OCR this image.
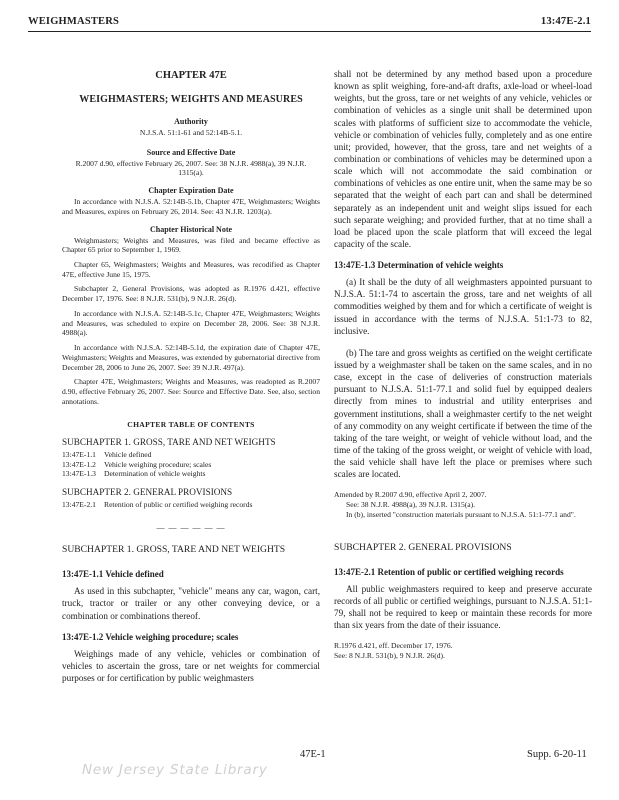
WEIGHMASTERS	13:47E-2.1

CHAPTER 47E

WEIGHMASTERS; WEIGHTS AND MEASURES

Authority

N.J.S.A. 51:1-61 and 52:14B-5.1.

Source and Effective Date

R.2007 d.90, effective February 26, 2007. See: 38 N.J.R. 4988(a), 39 N.J.R. 1315(a).

Chapter Expiration Date

In accordance with N.J.S.A. 52:14B-5.1b, Chapter 47E, Weighmasters; Weights and Measures, expires on February 26, 2014. See: 43 N.J.R. 1203(a).

Chapter Historical Note

Weighmasters; Weights and Measures, was filed and became effective as Chapter 65 prior to September 1, 1969.

Chapter 65, Weighmasters; Weights and Measures, was recodified as Chapter 47E, effective June 15, 1975.

Subchapter 2, General Provisions, was adopted as R.1976 d.421, effective December 17, 1976. See: 8 N.J.R. 531(b), 9 N.J.R. 26(d).

In accordance with N.J.S.A. 52:14B-5.1c, Chapter 47E, Weighmasters; Weights and Measures, was scheduled to expire on December 28, 2006. See: 38 N.J.R. 4988(a).

In accordance with N.J.S.A. 52:14B-5.1d, the expiration date of Chapter 47E, Weighmasters; Weights and Measures, was extended by gubernatorial directive from December 28, 2006 to June 26, 2007. See: 39 N.J.R. 497(a).

Chapter 47E, Weighmasters; Weights and Measures, was readopted as R.2007 d.90, effective February 26, 2007. See: Source and Effective Date. See, also, section annotations.

CHAPTER TABLE OF CONTENTS

SUBCHAPTER 1. GROSS, TARE AND NET WEIGHTS

13:47E-1.1 Vehicle defined
13:47E-1.2 Vehicle weighing procedure; scales
13:47E-1.3 Determination of vehicle weights

SUBCHAPTER 2. GENERAL PROVISIONS

13:47E-2.1 Retention of public or certified weighing records
— — — — — —

SUBCHAPTER 1. GROSS, TARE AND NET WEIGHTS

13:47E-1.1 Vehicle defined

As used in this subchapter, "vehicle" means any car, wagon, cart, truck, tractor or trailer or any other conveying device, or a combination or combinations thereof.

13:47E-1.2 Vehicle weighing procedure; scales

Weighings made of any vehicle, vehicles or combination of vehicles to ascertain the gross, tare or net weights for commercial purposes or for certification by public weighmasters

shall not be determined by any method based upon a procedure known as split weighing, fore-and-aft drafts, axle-load or wheel-load weights, but the gross, tare or net weights of any vehicle, vehicles or combination of vehicles as a single unit shall be determined upon scales with platforms of sufficient size to accommodate the vehicle, vehicle or combination of vehicles fully, completely and as one entire unit; provided, however, that the gross, tare and net weights of a combination or combinations of vehicles may be determined upon a scale which will not accommodate the said combination or combinations of vehicles as one entire unit, when the same may be so separated that the weight of each part can and shall be determined separately as an independent unit and weight slips issued for each such separate weighing; and provided further, that at no time shall a load be placed upon the scale platform that will exceed the legal capacity of the scale.

13:47E-1.3 Determination of vehicle weights

(a) It shall be the duty of all weighmasters appointed pursuant to N.J.S.A. 51:1-74 to ascertain the gross, tare and net weights of all commodities weighed by them and for which a certificate of weight is issued in accordance with the terms of N.J.S.A. 51:1-73 to 82, inclusive.

(b) The tare and gross weights as certified on the weight certificate issued by a weighmaster shall be taken on the same scales, and in no case, except in the case of deliveries of construction materials pursuant to N.J.S.A. 51:1-77.1 and solid fuel by equipped dealers directly from mines to industrial and utility enterprises and government institutions, shall a weighmaster certify to the net weight of any commodity on any weight certificate if between the time of the taking of the tare weight, or weight of vehicle without load, and the time of the taking of the gross weight, or weight of vehicle with load, the said vehicle shall have left the place or premises where such scales are located.

Amended by R.2007 d.90, effective April 2, 2007.

See: 38 N.J.R. 4988(a), 39 N.J.R. 1315(a).

In (b), inserted "construction materials pursuant to N.J.S.A. 51:1-77.1 and".

SUBCHAPTER 2. GENERAL PROVISIONS

13:47E-2.1 Retention of public or certified weighing records

All public weighmasters required to keep and preserve accurate records of all public or certified weighings, pursuant to N.J.S.A. 51:1-79, shall not be required to keep or maintain these records for more than six years from the date of their issuance.

R.1976 d.421, eff. December 17, 1976.

See: 8 N.J.R. 531(b), 9 N.J.R. 26(d).

47E-1	Supp. 6-20-11
New Jersey State Library
